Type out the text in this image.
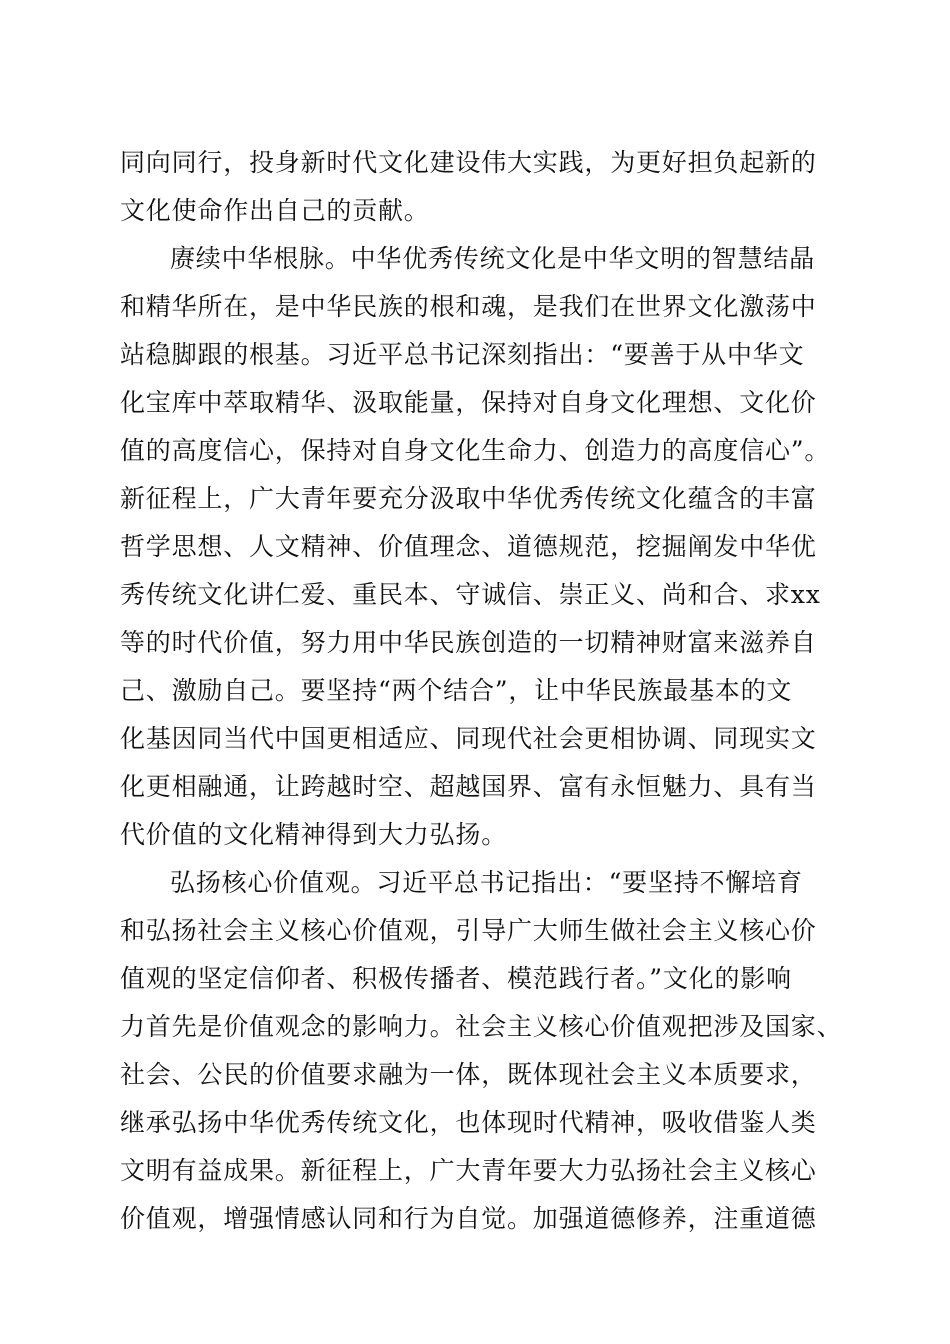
同向同行，投身新时代文化建设伟大实践，为更好担负起新的
文化使命作出自己的贡献。
赓续中华根脉。中华优秀传统文化是中华文明的智慧结晶
和精华所在，是中华民族的根和魂，是我们在世界文化激荡中
站稳脚跟的根基。习近平总书记深刻指出：“要善于从中华文
化宝库中萃取精华、汲取能量，保持对自身文化理想、文化价
值的高度信心，保持对自身文化生命力、创造力的高度信心”。
新征程上，广大青年要充分汲取中华优秀传统文化蕴含的丰富
哲学思想、人文精神、价值理念、道德规范，挖掘阐发中华优
秀传统文化讲仁爱、重民本、守诚信、崇正义、尚和合、求xx
等的时代价值，努力用中华民族创造的一切精神财富来滋养自
己、激励自己。要坚持“两个结合”，让中华民族最基本的文
化基因同当代中国更相适应、同现代社会更相协调、同现实文
化更相融通，让跨越时空、超越国界、富有永恒魅力、具有当
代价值的文化精神得到大力弘扬。
弘扬核心价值观。习近平总书记指出：“要坚持不懈培育
和弘扬社会主义核心价值观，引导广大师生做社会主义核心价
值观的坚定信仰者、积极传播者、模范践行者。”文化的影响
力首先是价值观念的影响力。社会主义核心价值观把涉及国家、
社会、公民的价值要求融为一体，既体现社会主义本质要求，
继承弘扬中华优秀传统文化，也体现时代精神，吸收借鉴人类
文明有益成果。新征程上，广大青年要大力弘扬社会主义核心
价值观，增强情感认同和行为自觉。加强道德修养，注重道德
